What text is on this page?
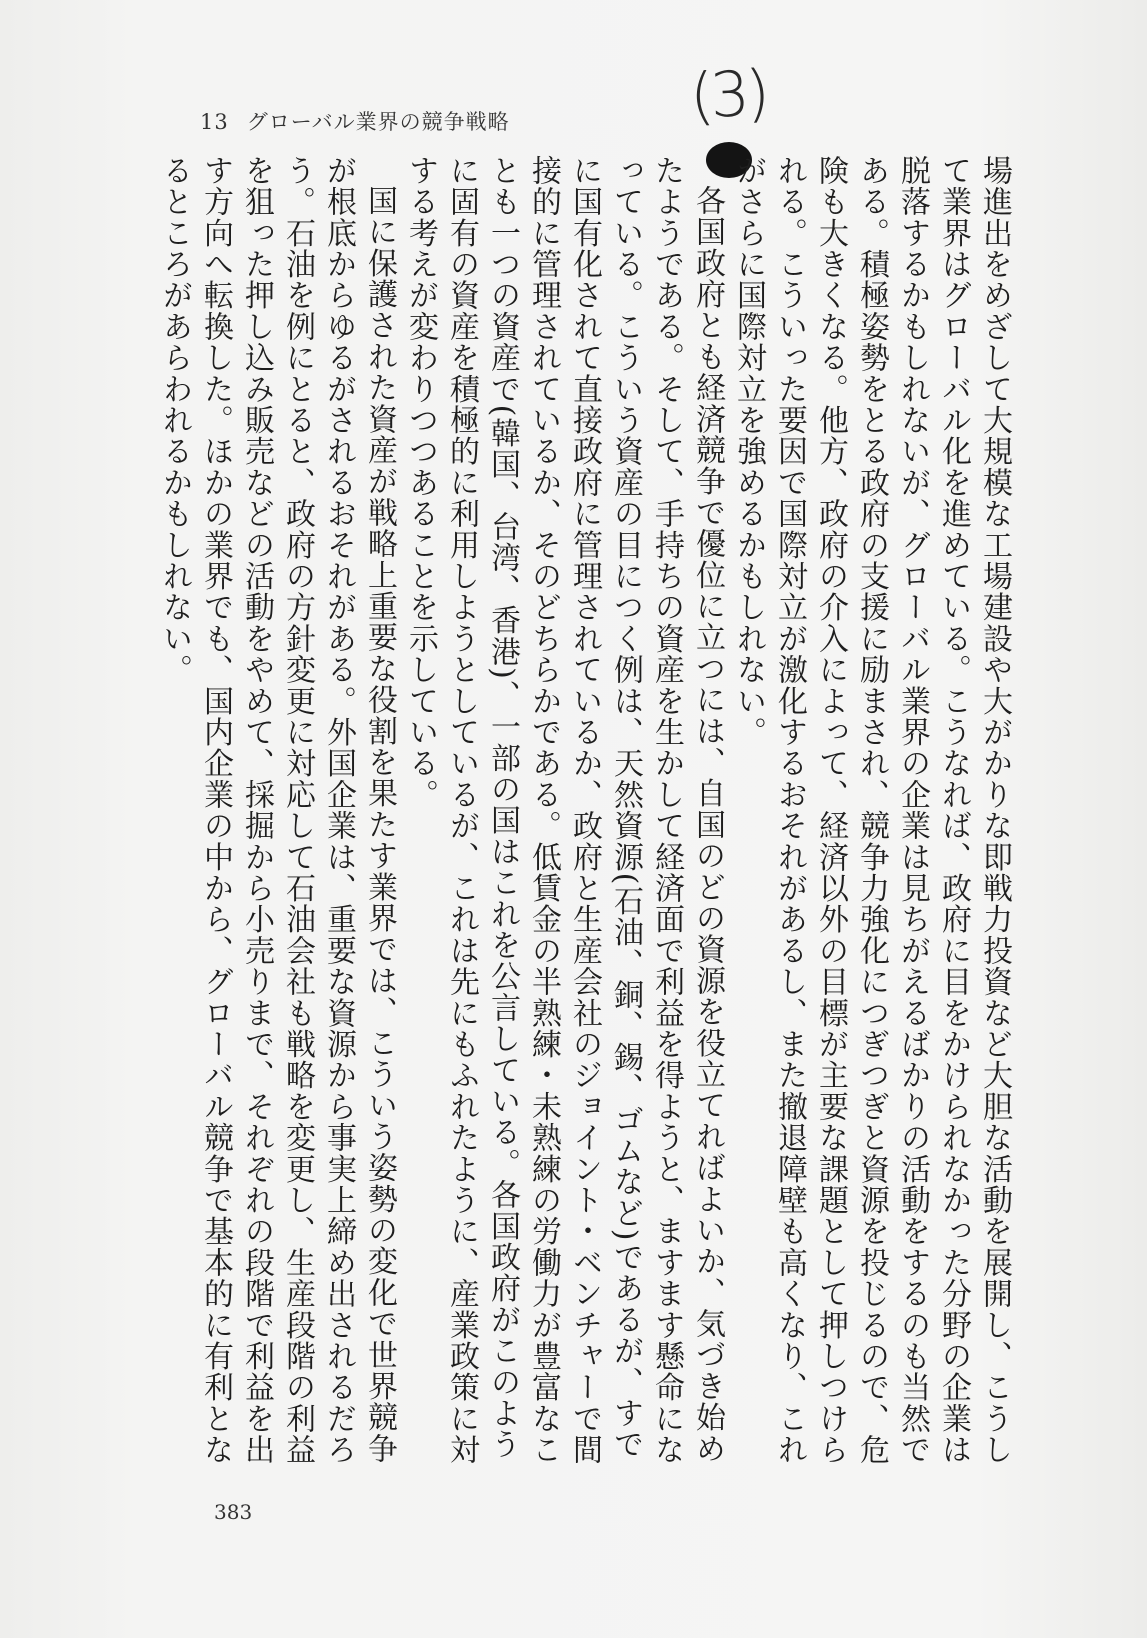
13 グローバル業界の競争戦略	(3)

場進出をめざして大規模な工場建設や大がかりな即戦力投資など大胆な活動を展開し、こうして業界はグローバル化を進めている。こうなれば、政府に目をかけられなかった分野の企業は脱落するかもしれないが、グローバル業界の企業は見ちがえるばかりの活動をするのも当然である。積極姿勢をとる政府の支援に励まされ、競争力強化につぎつぎと資源を投じるので、危険も大きくなる。他方、政府の介入によって、経済以外の目標が主要な課題として押しつけられる。こういった要因で国際対立が激化するおそれがあるし、また撤退障壁も高くなり、これがさらに国際対立を強めるかもしれない。

各国政府とも経済競争で優位に立つには、自国のどの資源を役立てればよいか、気づき始めたようである。そして、手持ちの資産を生かして経済面で利益を得ようと、ますます懸命になっている。こういう資産の目につく例は、天然資源(石油、銅、錫、ゴムなど)であるが、すでに国有化されて直接政府に管理されているか、政府と生産会社のジョイント・ベンチャーで間接的に管理されているか、そのどちらかである。低賃金の半熟練・未熟練の労働力が豊富なことも一つの資産で(韓国、台湾、香港)、一部の国はこれを公言している。各国政府がこのように固有の資産を積極的に利用しようとしているが、これは先にもふれたように、産業政策に対する考えが変わりつつあることを示している。

国に保護された資産が戦略上重要な役割を果たす業界では、こういう姿勢の変化で世界競争が根底からゆるがされるおそれがある。外国企業は、重要な資源から事実上締め出されるだろう。石油を例にとると、政府の方針変更に対応して石油会社も戦略を変更し、生産段階の利益を狙った押し込み販売などの活動をやめて、採掘から小売りまで、それぞれの段階で利益を出す方向へ転換した。ほかの業界でも、国内企業の中から、グローバル競争で基本的に有利となるところがあらわれるかもしれない。

383
